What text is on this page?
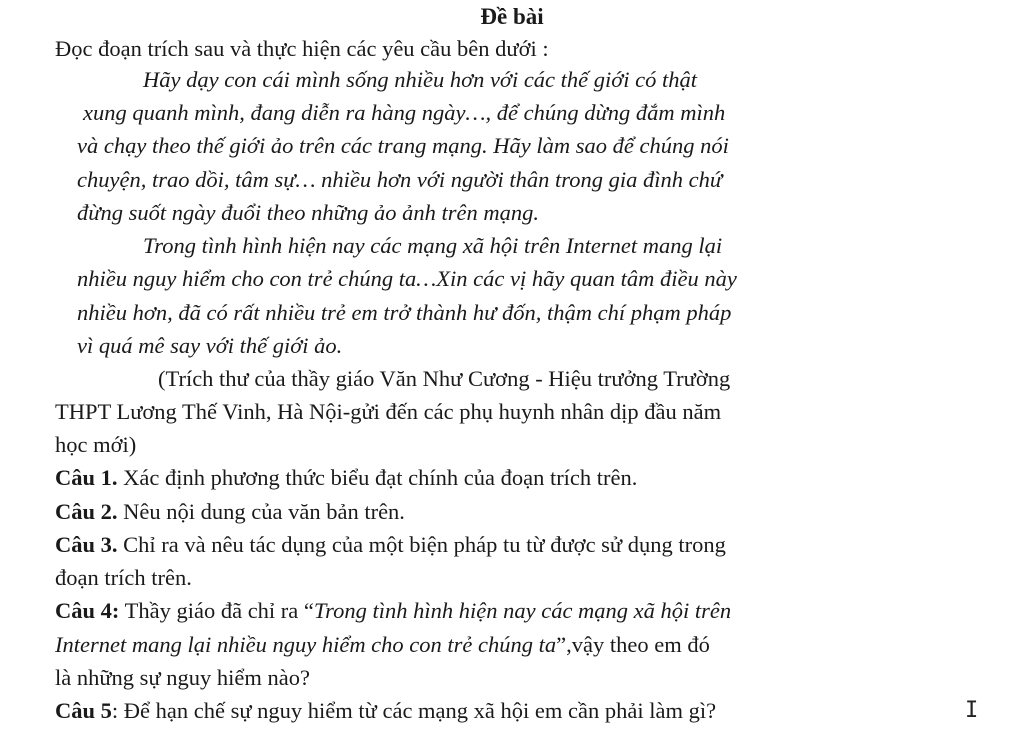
Đề bài
Đọc đoạn trích sau và thực hiện các yêu cầu bên dưới :
Hãy dạy con cái mình sống nhiều hơn với các thế giới có thật
xung quanh mình, đang diễn ra hàng ngày…, để chúng dừng đắm mình
và chạy theo thế giới ảo trên các trang mạng. Hãy làm sao để chúng nói
chuyện, trao dồi, tâm sự… nhiều hơn với người thân trong gia đình chứ
đừng suốt ngày đuổi theo những ảo ảnh trên mạng.
Trong tình hình hiện nay các mạng xã hội trên Internet mang lại
nhiều nguy hiểm cho con trẻ chúng ta…Xin các vị hãy quan tâm điều này
nhiều hơn, đã có rất nhiều trẻ em trở thành hư đốn, thậm chí phạm pháp
vì quá mê say với thế giới ảo.
(Trích thư của thầy giáo Văn Như Cương - Hiệu trưởng Trường
THPT Lương Thế Vinh, Hà Nội-gửi đến các phụ huynh nhân dịp đầu năm
học mới)
Câu 1. Xác định phương thức biểu đạt chính của đoạn trích trên.
Câu 2. Nêu nội dung của văn bản trên.
Câu 3. Chỉ ra và nêu tác dụng của một biện pháp tu từ được sử dụng trong
đoạn trích trên.
Câu 4: Thầy giáo đã chỉ ra “Trong tình hình hiện nay các mạng xã hội trên
Internet mang lại nhiều nguy hiểm cho con trẻ chúng ta”,vậy theo em đó
là những sự nguy hiểm nào?
Câu 5: Để hạn chế sự nguy hiểm từ các mạng xã hội em cần phải làm gì?	I
